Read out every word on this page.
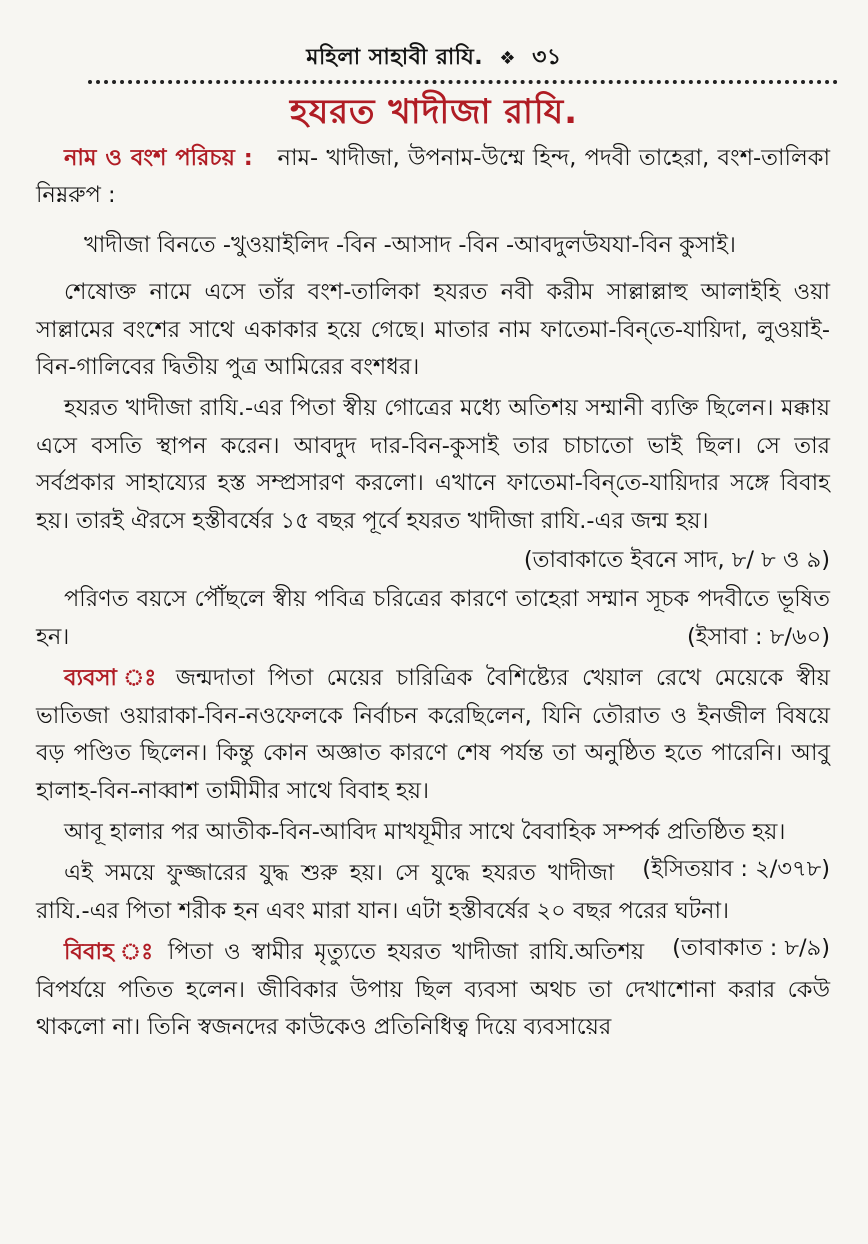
মহিলা সাহাবী রাযি. ❖ ৩১
হযরত খাদীজা রাযি.

নাম ও বংশ পরিচয় : নাম- খাদীজা, উপনাম-উম্মে হিন্দ, পদবী তাহেরা, বংশ-তালিকা নিম্নরুপ :

খাদীজা বিনতে -খুওয়াইলিদ -বিন -আসাদ -বিন -আবদুলউযযা-বিন কুসাই।

শেষোক্ত নামে এসে তাঁর বংশ-তালিকা হযরত নবী করীম সাল্লাল্লাহু আলাইহি ওয়া সাল্লামের বংশের সাথে একাকার হয়ে গেছে। মাতার নাম ফাতেমা-বিন্‌তে-যায়িদা, লুওয়াই-বিন-গালিবের দ্বিতীয় পুত্র আমিরের বংশধর।

হযরত খাদীজা রাযি.-এর পিতা স্বীয় গোত্রের মধ্যে অতিশয় সম্মানী ব্যক্তি ছিলেন। মক্কায় এসে বসতি স্থাপন করেন। আবদুদ দার-বিন-কুসাই তার চাচাতো ভাই ছিল। সে তার সর্বপ্রকার সাহায্যের হস্ত সম্প্রসারণ করলো। এখানে ফাতেমা-বিন্‌তে-যায়িদার সঙ্গে বিবাহ হয়। তারই ঐরসে হস্তীবর্ষের ১৫ বছর পূর্বে হযরত খাদীজা রাযি.-এর জন্ম হয়।

(তাবাকাতে ইবনে সাদ, ৮/ ৮ ও ৯)

পরিণত বয়সে পৌঁছলে স্বীয় পবিত্র চরিত্রের কারণে তাহেরা সম্মান সূচক পদবীতে ভূষিত হন।	(ইসাবা : ৮/৬০)

ব্যবসা ঃ জন্মদাতা পিতা মেয়ের চারিত্রিক বৈশিষ্ট্যের খেয়াল রেখে মেয়েকে স্বীয় ভাতিজা ওয়ারাকা-বিন-নওফেলকে নির্বাচন করেছিলেন, যিনি তৌরাত ও ইনজীল বিষয়ে বড় পণ্ডিত ছিলেন। কিন্তু কোন অজ্ঞাত কারণে শেষ পর্যন্ত তা অনুষ্ঠিত হতে পারেনি। আবু হালাহ-বিন-নাব্বাশ তামীমীর সাথে বিবাহ হয়।

আবূ হালার পর আতীক-বিন-আবিদ মাখযূমীর সাথে বৈবাহিক সম্পর্ক প্রতিষ্ঠিত হয়।
(ইসিতয়াব : ২/৩৭৮)

এই সময়ে ফুজ্জারের যুদ্ধ শুরু হয়। সে যুদ্ধে হযরত খাদীজা রাযি.-এর পিতা শরীক হন এবং মারা যান। এটা হস্তীবর্ষের ২০ বছর পরের ঘটনা।
(তাবাকাত : ৮/৯)

বিবাহ ঃ পিতা ও স্বামীর মৃত্যুতে হযরত খাদীজা রাযি.অতিশয় বিপর্যয়ে পতিত হলেন। জীবিকার উপায় ছিল ব্যবসা অথচ তা দেখাশোনা করার কেউ থাকলো না। তিনি স্বজনদের কাউকেও প্রতিনিধিত্ব দিয়ে ব্যবসায়ের
